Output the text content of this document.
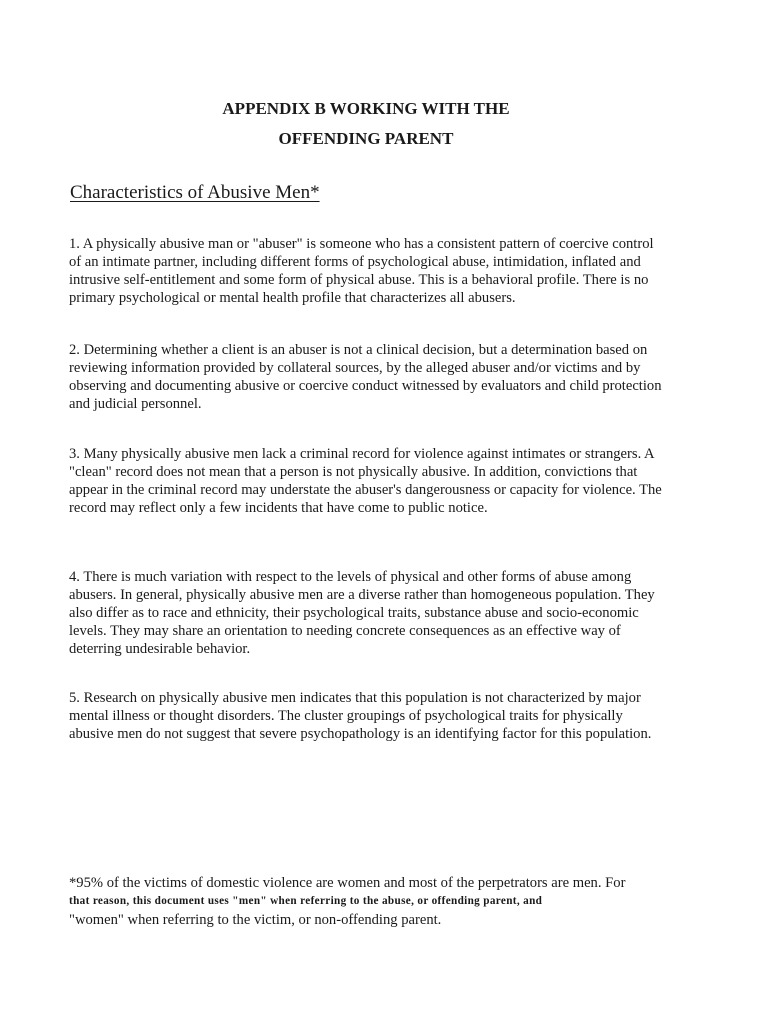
APPENDIX B WORKING WITH THE
OFFENDING PARENT
Characteristics of Abusive Men*

1. A physically abusive man or "abuser" is someone who has a consistent pattern of coercive control of an intimate partner, including different forms of psychological abuse, intimidation, inflated and intrusive self-entitlement and some form of physical abuse. This is a behavioral profile. There is no primary psychological or mental health profile that characterizes all abusers.

2. Determining whether a client is an abuser is not a clinical decision, but a determination based on reviewing information provided by collateral sources, by the alleged abuser and/or victims and by observing and documenting abusive or coercive conduct witnessed by evaluators and child protection and judicial personnel.

3. Many physically abusive men lack a criminal record for violence against intimates or strangers. A "clean" record does not mean that a person is not physically abusive. In addition, convictions that appear in the criminal record may understate the abuser's dangerousness or capacity for violence. The record may reflect only a few incidents that have come to public notice.

4. There is much variation with respect to the levels of physical and other forms of abuse among abusers. In general, physically abusive men are a diverse rather than homogeneous population. They also differ as to race and ethnicity, their psychological traits, substance abuse and socio-economic levels. They may share an orientation to needing concrete consequences as an effective way of deterring undesirable behavior.

5. Research on physically abusive men indicates that this population is not characterized by major mental illness or thought disorders. The cluster groupings of psychological traits for physically abusive men do not suggest that severe psychopathology is an identifying factor for this population.

*95% of the victims of domestic violence are women and most of the perpetrators are men. For

that reason, this document uses "men" when referring to the abuse, or offending parent, and

"women" when referring to the victim, or non-offending parent.
